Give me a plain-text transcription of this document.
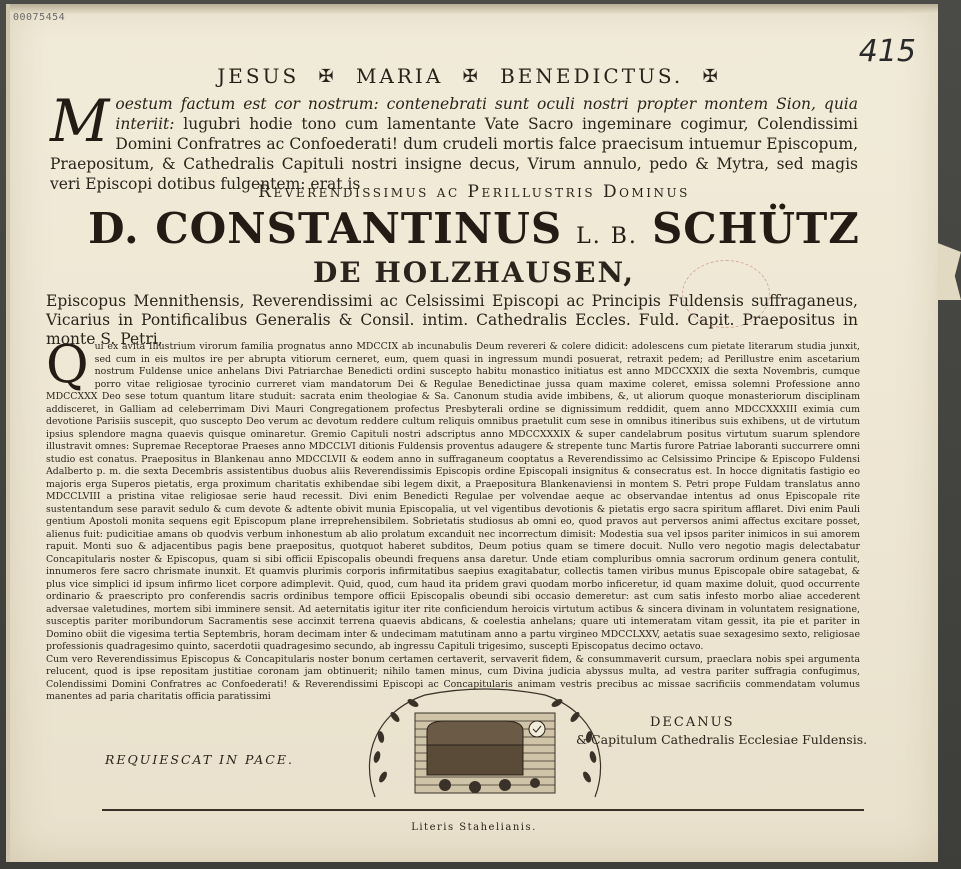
00075454
415
JESUS ✠ MARIA ✠ BENEDICTUS. ✠
Moestum factum est cor nostrum: contenebrati sunt oculi nostri propter montem Sion, quia interiit: lugubri hodie tono cum lamentante Vate Sacro ingeminare cogimur, Colendissimi Domini Confratres ac Confoederati! dum crudeli mortis falce praecisum intuemur Episcopum, Praepositum, & Cathedralis Capituli nostri insigne decus, Virum annulo, pedo & Mytra, sed magis veri Episcopi dotibus fulgentem: erat is
Reverendissimus ac Perillustris Dominus
D. CONSTANTINUS L. B. SCHÜTZ
DE HOLZHAUSEN,
Episcopus Mennithensis, Reverendissimi ac Celsissimi Episcopi ac Principis Fuldensis suffraganeus, Vicarius in Pontificalibus Generalis & Consil. intim. Cathedralis Eccles. Fuld. Capit. Praepositus in monte S. Petri,
Qui ex avita Illustrium virorum familia prognatus anno MDCCIX ab incunabulis Deum revereri & colere didicit: adolescens cum pietate literarum studia junxit, sed cum in eis multos ire per abrupta vitiorum cerneret, eum, quem quasi in ingressum mundi posuerat, retraxit pedem; ad Perillustre enim ascetarium nostrum Fuldense unice anhelans Divi Patriarchae Benedicti ordini suscepto habitu monastico initiatus est anno MDCCXXIX die sexta Novembris, cumque porro vitae religiosae tyrocinio curreret viam mandatorum Dei & Regulae Benedictinae jussa quam maxime coleret, emissa solemni Professione anno MDCCXXX Deo sese totum quantum litare studuit: sacrata enim theologiae & Sa. Canonum studia avide imbibens, &, ut aliorum quoque monasteriorum disciplinam addisceret, in Galliam ad celeberrimam Divi Mauri Congregationem profectus Presbyterali ordine se dignissimum reddidit, quem anno MDCCXXXIII eximia cum devotione Parisiis suscepit, quo suscepto Deo verum ac devotum reddere cultum reliquis omnibus praetulit cum sese in omnibus itineribus suis exhibens, ut de virtutum ipsius splendore magna quaevis quisque ominaretur. Gremio Capituli nostri adscriptus anno MDCCXXXIX & super candelabrum positus virtutum suarum splendore illustravit omnes: Supremae Receptorae Praeses anno MDCCLVI ditionis Fuldensis proventus adaugere & strepente tunc Martis furore Patriae laboranti succurrere omni studio est conatus. Praepositus in Blankenau anno MDCCLVII & eodem anno in suffraganeum cooptatus a Reverendissimo ac Celsissimo Principe & Episcopo Fuldensi Adalberto p. m. die sexta Decembris assistentibus duobus aliis Reverendissimis Episcopis ordine Episcopali insignitus & consecratus est. In hocce dignitatis fastigio eo majoris erga Superos pietatis, erga proximum charitatis exhibendae sibi legem dixit, a Praepositura Blankenaviensi in montem S. Petri prope Fuldam translatus anno MDCCLVIII a pristina vitae religiosae serie haud recessit. Divi enim Benedicti Regulae per volvendae aeque ac observandae intentus ad onus Episcopale rite sustentandum sese paravit sedulo & cum devote & adtente obivit munia Episcopalia, ut vel vigentibus devotionis & pietatis ergo sacra spiritum afflaret. Divi enim Pauli gentium Apostoli monita sequens egit Episcopum plane irreprehensibilem. Sobrietatis studiosus ab omni eo, quod pravos aut perversos animi affectus excitare posset, alienus fuit: pudicitiae amans ob quodvis verbum inhonestum ab alio prolatum excanduit nec incorrectum dimisit: Modestia sua vel ipsos pariter inimicos in sui amorem rapuit. Monti suo & adjacentibus pagis bene praepositus, quotquot haberet subditos, Deum potius quam se timere docuit. Nullo vero negotio magis delectabatur Concapitularis noster & Episcopus, quam si sibi officii Episcopalis obeundi frequens ansa daretur. Unde etiam compluribus omnia sacrorum ordinum genera contulit, innumeros fere sacro chrismate inunxit. Et quamvis plurimis corporis infirmitatibus saepius exagitabatur, collectis tamen viribus munus Episcopale obire satagebat, & plus vice simplici id ipsum infirmo licet corpore adimplevit. Quid, quod, cum haud ita pridem gravi quodam morbo inficeretur, id quam maxime doluit, quod occurrente ordinario & praescripto pro conferendis sacris ordinibus tempore officii Episcopalis obeundi sibi occasio demeretur: ast cum satis infesto morbo aliae accederent adversae valetudines, mortem sibi imminere sensit. Ad aeternitatis igitur iter rite conficiendum heroicis virtutum actibus & sincera divinam in voluntatem resignatione, susceptis pariter moribundorum Sacramentis sese accinxit terrena quaevis abdicans, & coelestia anhelans; quare uti intemeratam vitam gessit, ita pie et pariter in Domino obiit die vigesima tertia Septembris, horam decimam inter & undecimam matutinam anno a partu virgineo MDCCLXXV, aetatis suae sexagesimo sexto, religiosae professionis quadragesimo quinto, sacerdotii quadragesimo secundo, ab ingressu Capituli trigesimo, suscepti Episcopatus decimo octavo.
Cum vero Reverendissimus Episcopus & Concapitularis noster bonum certamen certaverit, servaverit fidem, & consummaverit cursum, praeclara nobis spei argumenta relucent, quod is ipse repositam justitiae coronam jam obtinuerit; nihilo tamen minus, cum Divina judicia abyssus multa, ad vestra pariter suffragia confugimus, Colendissimi Domini Confratres ac Confoederati! & Reverendissimi Episcopi ac Concapitularis animam vestris precibus ac missae sacrificiis commendatam volumus manentes ad paria charitatis officia paratissimi
REQUIESCAT IN PACE.
DECANUS
& Capitulum Cathedralis Ecclesiae Fuldensis.
Literis Stahelianis.
